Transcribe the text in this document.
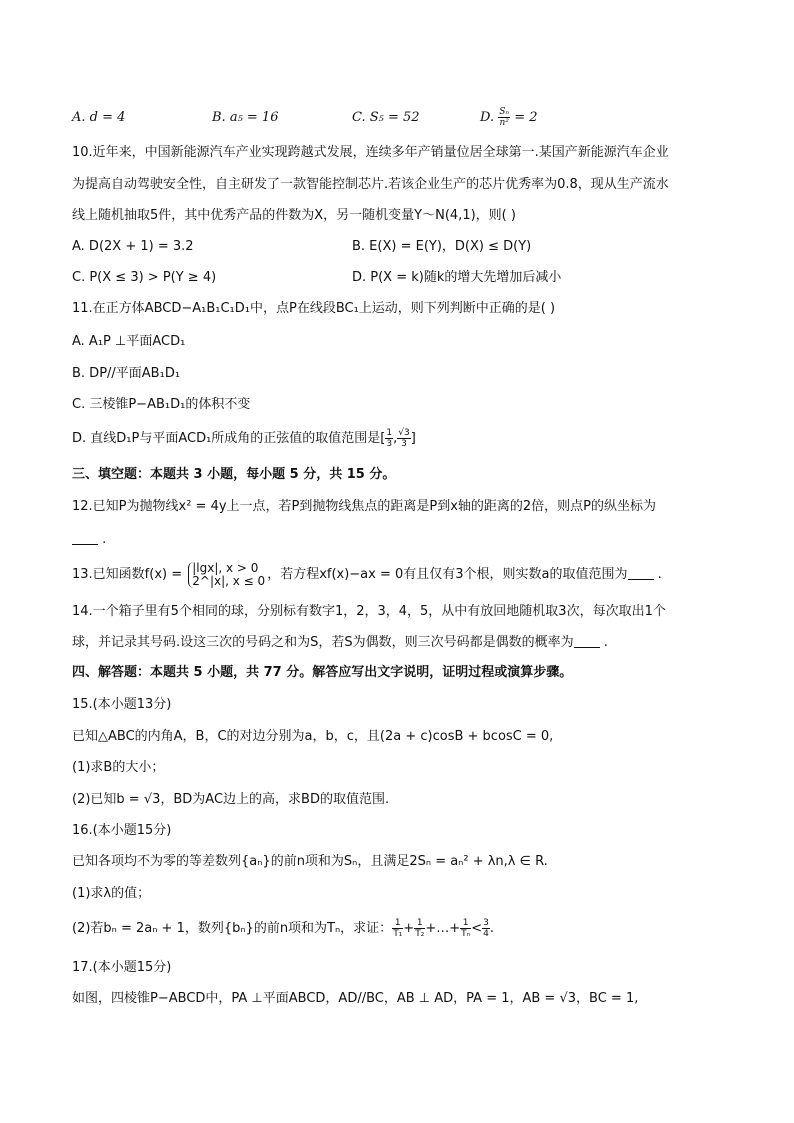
A. d = 4	B. a₅ = 16	C. S₅ = 52	D. $\frac{\text{Sₙ}}{\text{n²}} = 2$
10.近年来，中国新能源汽车产业实现跨越式发展，连续多年产销量位居全球第一.某国产新能源汽车企业
为提高自动驾驶安全性，自主研发了一款智能控制芯片.若该企业生产的芯片优秀率为0.8，现从生产流水
线上随机抽取5件，其中优秀产品的件数为X，另一随机变量Y～N(4,1)，则( )
A. D(2X + 1) = 3.2	B. E(X) = E(Y)，D(X) ≤ D(Y)
C. P(X ≤ 3) > P(Y ≥ 4)	D. P(X = k)随k的增大先增加后减小
11.在正方体ABCD−A₁B₁C₁D₁中，点P在线段BC₁上运动，则下列判断中正确的是( )
A. A₁P ⊥平面ACD₁
B. DP//平面AB₁D₁
C. 三棱锥P−AB₁D₁的体积不变
D. 直线D₁P与平面ACD₁所成角的正弦值的取值范围是[ $\frac{1}{3}$ , $\frac{√3}{3}$ ]
三、填空题：本题共 3 小题，每小题 5 分，共 15 分。
12.已知P为抛物线x² = 4y上一点，若P到抛物线焦点的距离是P到x轴的距离的2倍，则点P的纵坐标为
.
13.已知函数f(x) = |lgx|, x > 0
2^|x|, x ≤ 0 ，若方程xf(x)−ax = 0有且仅有3个根，则实数a的取值范围为 .
14.一个箱子里有5个相同的球，分别标有数字1，2，3，4，5，从中有放回地随机取3次，每次取出1个
球，并记录其号码.设这三次的号码之和为S，若S为偶数，则三次号码都是偶数的概率为 .
四、解答题：本题共 5 小题，共 77 分。解答应写出文字说明，证明过程或演算步骤。
15.(本小题13分)
已知△ABC的内角A，B，C的对边分别为a，b，c，且(2a + c)cosB + bcosC = 0,
(1)求B的大小；
(2)已知b = √3，BD为AC边上的高，求BD的取值范围.
16.(本小题15分)
已知各项均不为零的等差数列{aₙ}的前n项和为Sₙ，且满足2Sₙ = aₙ² + λn,λ ∈ R.
(1)求λ的值；
(2)若bₙ = 2aₙ + 1，数列{bₙ}的前n项和为Tₙ，求证： $\frac{1}{\text{T₁}} + \frac{1}{\text{T₂}}$ +…+ $\frac{1}{\text{Tₙ}} < \frac{3}{4}$ .
17.(本小题15分)
如图，四棱锥P−ABCD中，PA ⊥平面ABCD，AD//BC，AB ⊥ AD，PA = 1，AB = √3，BC = 1,
